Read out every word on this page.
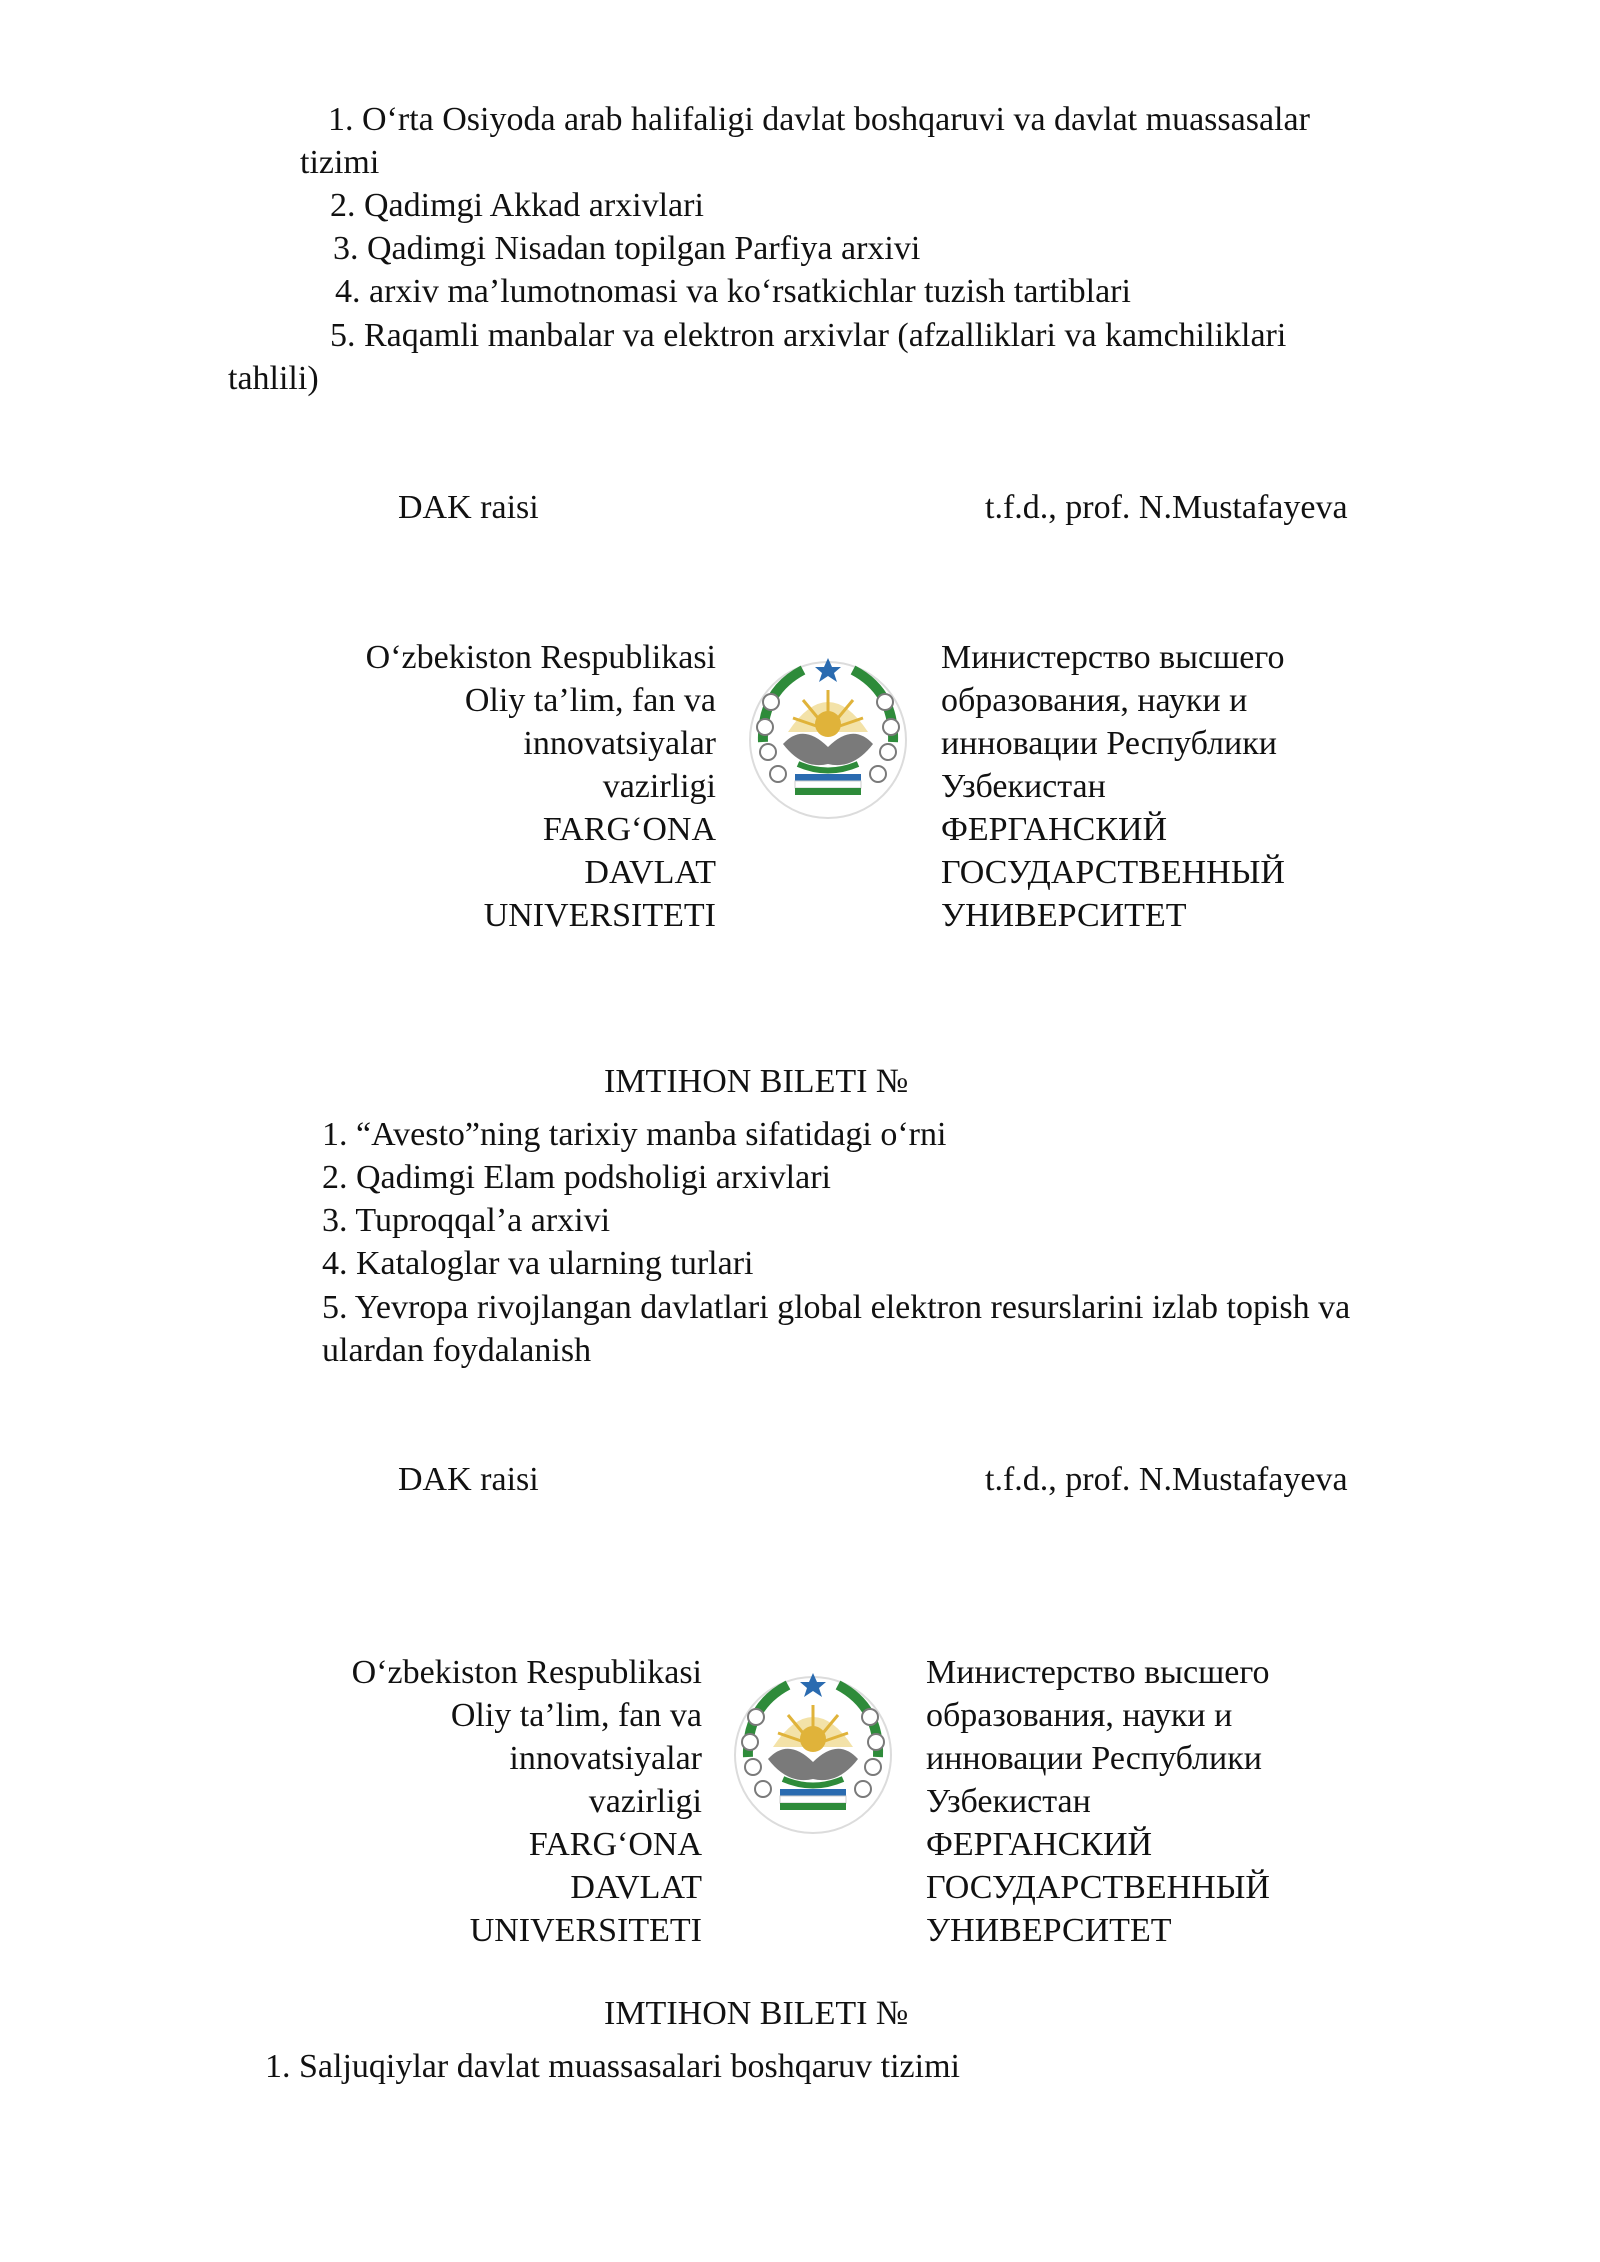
1. O‘rta Osiyoda arab halifaligi davlat boshqaruvi va davlat muassasalar

tizimi

2. Qadimgi Akkad arxivlari

3. Qadimgi Nisadan topilgan Parfiya arxivi

4. arxiv ma’lumotnomasi va ko‘rsatkichlar tuzish tartiblari

5. Raqamli manbalar va elektron arxivlar (afzalliklari va kamchiliklari

tahlili)

DAK raisi	t.f.d., prof. N.Mustafayeva

O‘zbekiston Respublikasi
Oliy ta’lim, fan va
innovatsiyalar
vazirligi
FARG‘ONA
DAVLAT
UNIVERSITETI
Министерство высшего
образования, науки и
инновации Республики
Узбекистан
ФЕРГАНСКИЙ
ГОСУДАРСТВЕННЫЙ
УНИВЕРСИТЕТ

IMTIHON BILETI №

1. “Avesto”ning tarixiy manba sifatidagi o‘rni

2. Qadimgi Elam podsholigi arxivlari

3. Tuproqqal’a arxivi

4. Kataloglar va ularning turlari

5. Yevropa rivojlangan davlatlari global elektron resurslarini izlab topish va

ulardan foydalanish

DAK raisi	t.f.d., prof. N.Mustafayeva

O‘zbekiston Respublikasi
Oliy ta’lim, fan va
innovatsiyalar
vazirligi
FARG‘ONA
DAVLAT
UNIVERSITETI
Министерство высшего
образования, науки и
инновации Республики
Узбекистан
ФЕРГАНСКИЙ
ГОСУДАРСТВЕННЫЙ
УНИВЕРСИТЕТ

IMTIHON BILETI №

1. Saljuqiylar davlat muassasalari boshqaruv tizimi
